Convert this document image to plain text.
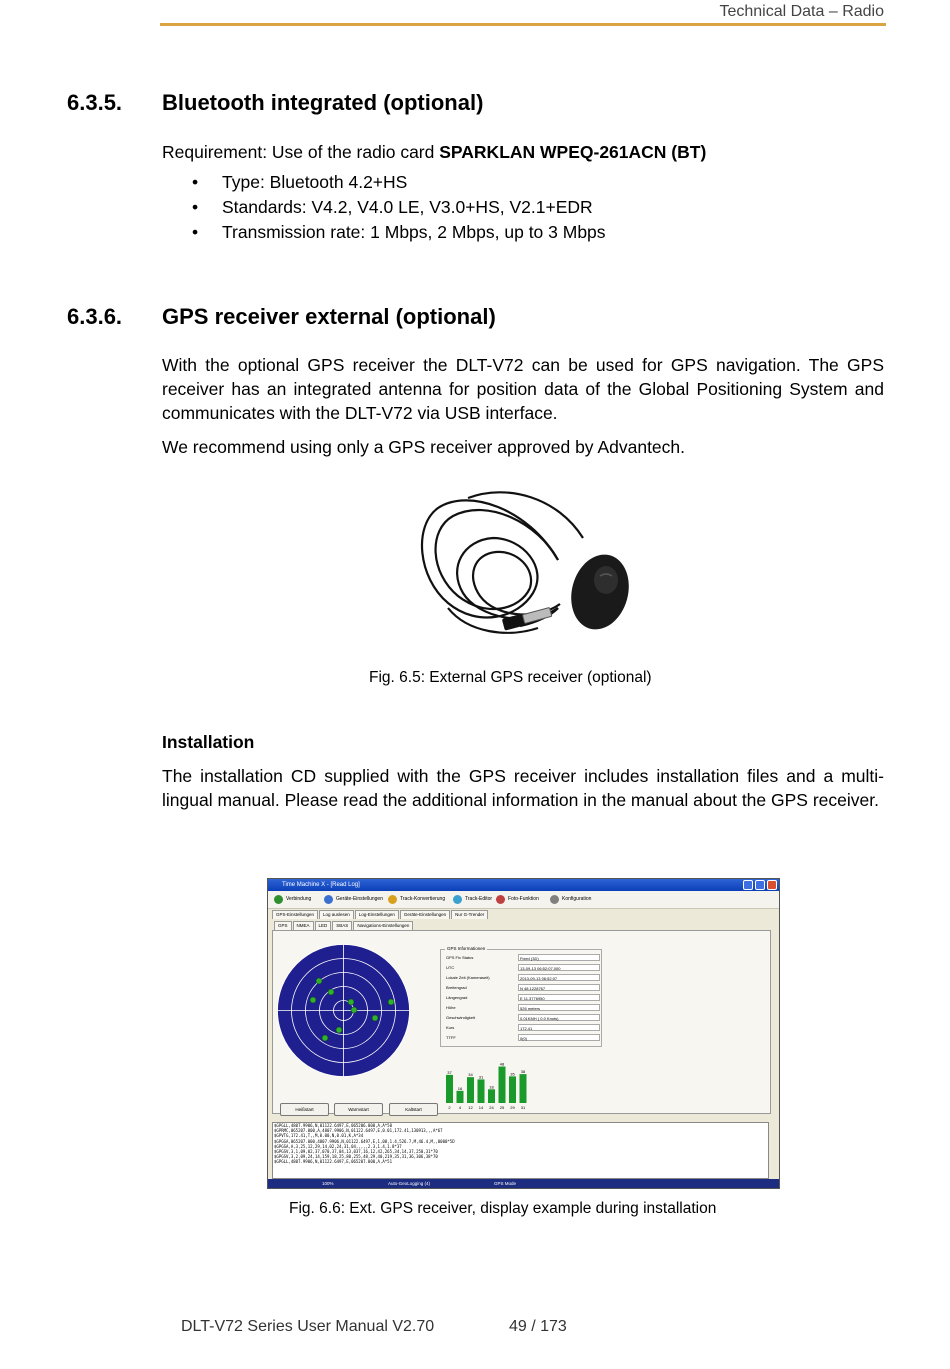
Technical Data – Radio
6.3.5. Bluetooth integrated (optional)
Requirement: Use of the radio card SPARKLAN WPEQ-261ACN (BT)
• Type: Bluetooth 4.2+HS
• Standards: V4.2, V4.0 LE, V3.0+HS, V2.1+EDR
• Transmission rate: 1 Mbps, 2 Mbps, up to 3 Mbps
6.3.6. GPS receiver external (optional)
With the optional GPS receiver the DLT-V72 can be used for GPS navigation. The GPS receiver has an integrated antenna for position data of the Global Positioning System and communicates with the DLT-V72 via USB interface.
We recommend using only a GPS receiver approved by Advantech.
Fig. 6.5: External GPS receiver (optional)
Installation
The installation CD supplied with the GPS receiver includes installation files and a multi-lingual manual. Please read the additional information in the manual about the GPS receiver.
Time Machine X - [Read Log]
Verbindung	Geräte-Einstellungen	Track-Konvertierung	Track-Editor	Foto-Funktion	Konfiguration
GPS-Einstellungen Log auslesen Log-Einstellungen Geräte-Einstellungen Nur G-Trender
GPS NMEA LED SBAS Navigations-Einstellungen
GPS Informationen
GPS Fix Status	Fixed (3D)
UTC	13-09-13 06:52:07.000
Lokale Zeit (Kameraseit)	2013-09-13 06:52:07
Breitengrad	N 48.1228767
Längengrad	E 11.3776950
Höhe	526 meters
Geschwindigkeit	0.01KMH ( 0.0 Knots)
Kurs	172.41
TTFF	0(0)
37
2
16
4
34
12
31
14
18
24
48
25
35
29
38
31
Heißstart	Warmstart	Kaltstart
$GPGLL,4807.9906,N,01122.6497,E,065206.000,A,A*50
$GPRMC,065207.000,A,4807.9906,N,01122.6497,E,0.01,172.41,130913,,,A*67
$GPVTG,172.41,T,,M,0.00,N,0.01,K,A*34
$GPGGA,065207.000,4807.9906,N,01122.6497,E,1,08,1.4,526.7,M,46.4,M,,0000*5D
$GPGSA,A,3,25,12,29,14,02,24,31,04,,,,,2.3,1.4,1.8*37
$GPGSV,3,1,09,02,37,070,37,04,13,037,16,12,42,265,34,14,37,250,31*70
$GPGSV,3,2,09,24,14,159,18,25,80,255,48,29,40,219,35,31,36,306,38*70
$GPGLL,4807.9906,N,01122.6497,E,065207.000,A,A*51
100%	Auto-GeoLogging (4)	GPS Mode
Fig. 6.6: Ext. GPS receiver, display example during installation
DLT-V72 Series User Manual V2.70	49 / 173
